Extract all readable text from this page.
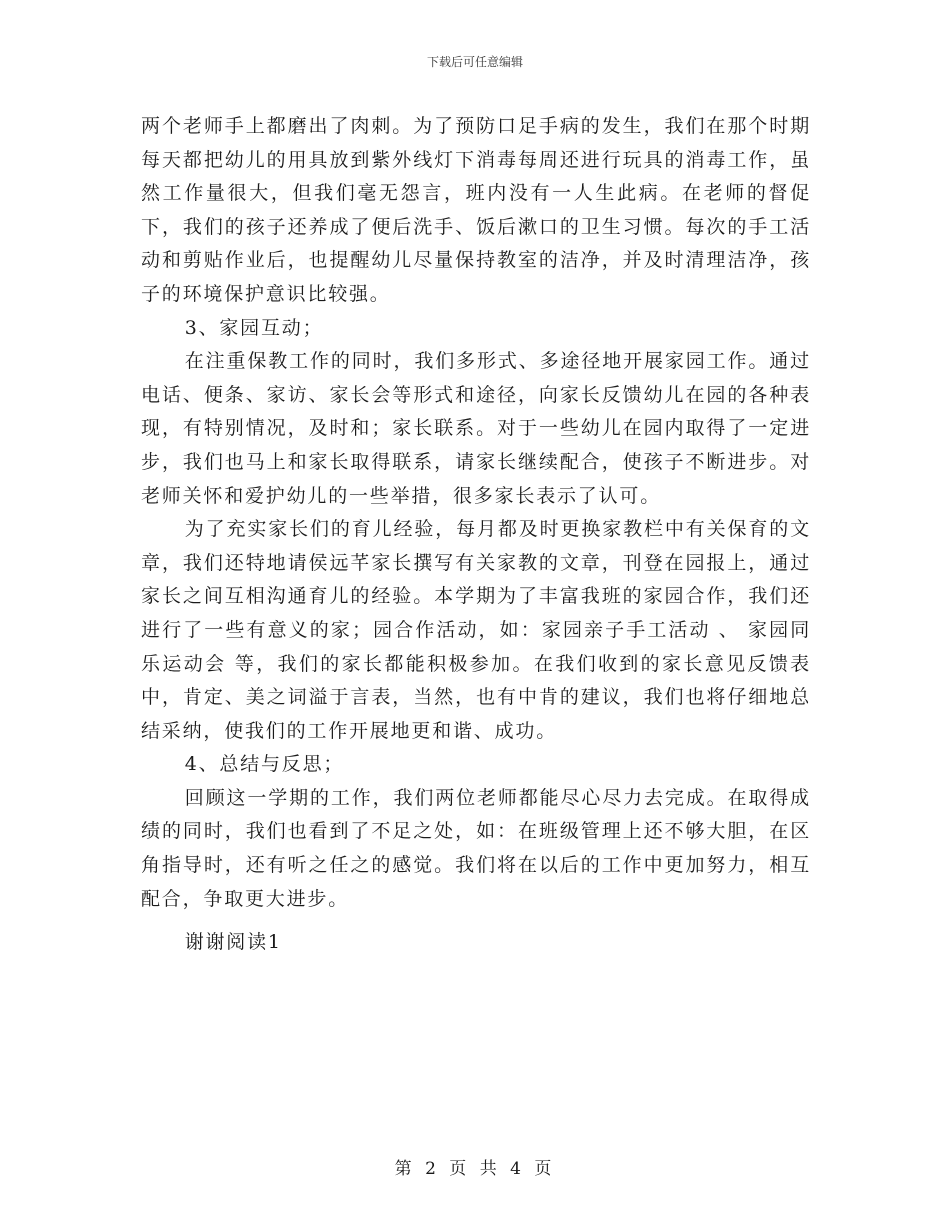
下载后可任意编辑

两个老师手上都磨出了肉刺。为了预防口足手病的发生，我们在那个时期每天都把幼儿的用具放到紫外线灯下消毒每周还进行玩具的消毒工作，虽然工作量很大，但我们毫无怨言，班内没有一人生此病。在老师的督促下，我们的孩子还养成了便后洗手、饭后漱口的卫生习惯。每次的手工活动和剪贴作业后，也提醒幼儿尽量保持教室的洁净，并及时清理洁净，孩子的环境保护意识比较强。

3、家园互动；

在注重保教工作的同时，我们多形式、多途径地开展家园工作。通过电话、便条、家访、家长会等形式和途径，向家长反馈幼儿在园的各种表现，有特别情况，及时和；家长联系。对于一些幼儿在园内取得了一定进步，我们也马上和家长取得联系，请家长继续配合，使孩子不断进步。对老师关怀和爱护幼儿的一些举措，很多家长表示了认可。

为了充实家长们的育儿经验，每月都及时更换家教栏中有关保育的文章，我们还特地请侯远芊家长撰写有关家教的文章，刊登在园报上，通过家长之间互相沟通育儿的经验。本学期为了丰富我班的家园合作，我们还进行了一些有意义的家；园合作活动，如：家园亲子手工活动 、 家园同乐运动会 等，我们的家长都能积极参加。在我们收到的家长意见反馈表中，肯定、美之词溢于言表，当然，也有中肯的建议，我们也将仔细地总结采纳，使我们的工作开展地更和谐、成功。

4、总结与反思；

回顾这一学期的工作，我们两位老师都能尽心尽力去完成。在取得成绩的同时，我们也看到了不足之处，如：在班级管理上还不够大胆，在区角指导时，还有听之任之的感觉。我们将在以后的工作中更加努力，相互配合，争取更大进步。

谢谢阅读1

第 2 页 共 4 页
